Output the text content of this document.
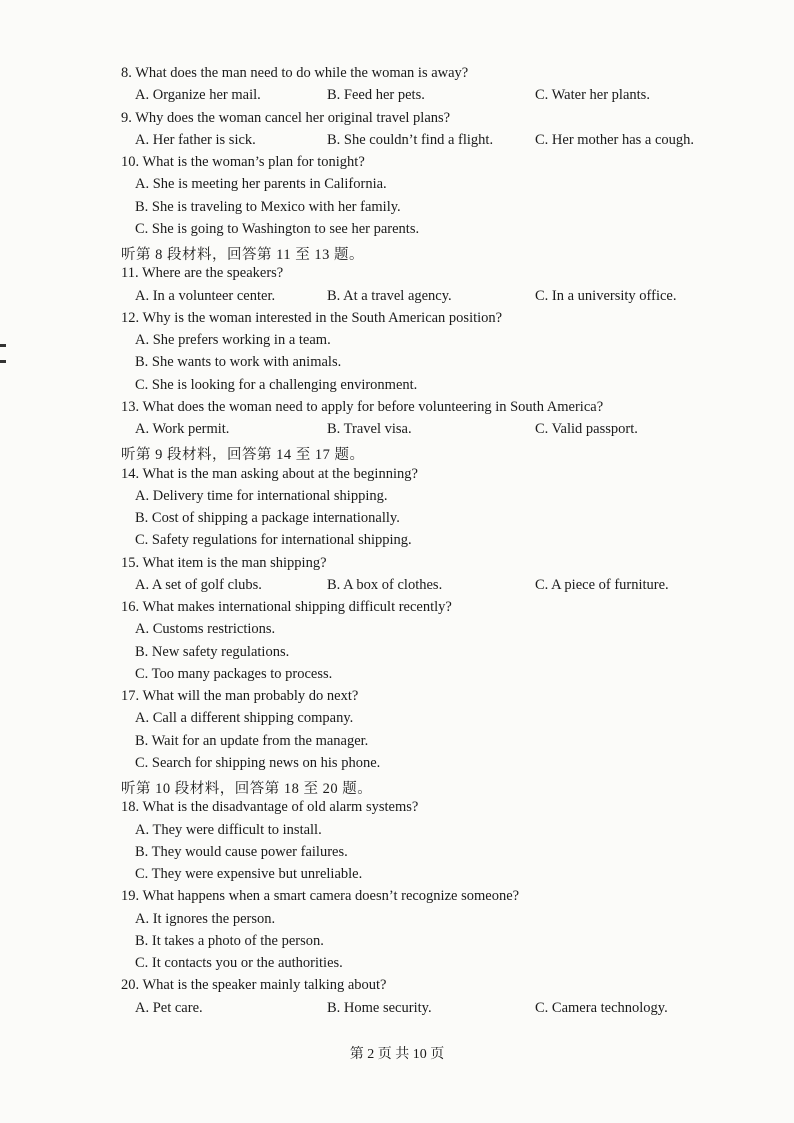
8. What does the man need to do while the woman is away?
A. Organize her mail.	B. Feed her pets.	C. Water her plants.
9. Why does the woman cancel her original travel plans?
A. Her father is sick.	B. She couldn’t find a flight.	C. Her mother has a cough.
10. What is the woman’s plan for tonight?
A. She is meeting her parents in California.
B. She is traveling to Mexico with her family.
C. She is going to Washington to see her parents.
听第 8 段材料，回答第 11 至 13 题。
11. Where are the speakers?
A. In a volunteer center.	B. At a travel agency.	C. In a university office.
12. Why is the woman interested in the South American position?
A. She prefers working in a team.
B. She wants to work with animals.
C. She is looking for a challenging environment.
13. What does the woman need to apply for before volunteering in South America?
A. Work permit.	B. Travel visa.	C. Valid passport.
听第 9 段材料，回答第 14 至 17 题。
14. What is the man asking about at the beginning?
A. Delivery time for international shipping.
B. Cost of shipping a package internationally.
C. Safety regulations for international shipping.
15. What item is the man shipping?
A. A set of golf clubs.	B. A box of clothes.	C. A piece of furniture.
16. What makes international shipping difficult recently?
A. Customs restrictions.
B. New safety regulations.
C. Too many packages to process.
17. What will the man probably do next?
A. Call a different shipping company.
B. Wait for an update from the manager.
C. Search for shipping news on his phone.
听第 10 段材料，回答第 18 至 20 题。
18. What is the disadvantage of old alarm systems?
A. They were difficult to install.
B. They would cause power failures.
C. They were expensive but unreliable.
19. What happens when a smart camera doesn’t recognize someone?
A. It ignores the person.
B. It takes a photo of the person.
C. It contacts you or the authorities.
20. What is the speaker mainly talking about?
A. Pet care.	B. Home security.	C. Camera technology.
第 2 页 共 10 页
